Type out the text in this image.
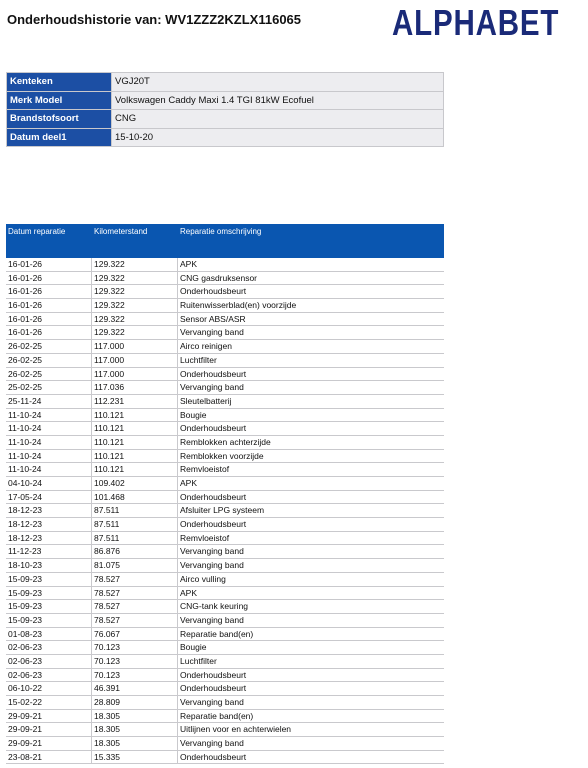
Onderhoudshistorie van: WV1ZZZ2KZLX116065	ALPHABET
Kenteken	VGJ20T
Merk Model	Volkswagen Caddy Maxi 1.4 TGI 81kW Ecofuel
Brandstofsoort	CNG
Datum deel1	15-10-20
Datum reparatie	Kilometerstand	Reparatie omschrijving
16-01-26	129.322	APK
16-01-26	129.322	CNG gasdruksensor
16-01-26	129.322	Onderhoudsbeurt
16-01-26	129.322	Ruitenwisserblad(en) voorzijde
16-01-26	129.322	Sensor ABS/ASR
16-01-26	129.322	Vervanging band
26-02-25	117.000	Airco reinigen
26-02-25	117.000	Luchtfilter
26-02-25	117.000	Onderhoudsbeurt
25-02-25	117.036	Vervanging band
25-11-24	112.231	Sleutelbatterij
11-10-24	110.121	Bougie
11-10-24	110.121	Onderhoudsbeurt
11-10-24	110.121	Remblokken achterzijde
11-10-24	110.121	Remblokken voorzijde
11-10-24	110.121	Remvloeistof
04-10-24	109.402	APK
17-05-24	101.468	Onderhoudsbeurt
18-12-23	87.511	Afsluiter LPG systeem
18-12-23	87.511	Onderhoudsbeurt
18-12-23	87.511	Remvloeistof
11-12-23	86.876	Vervanging band
18-10-23	81.075	Vervanging band
15-09-23	78.527	Airco vulling
15-09-23	78.527	APK
15-09-23	78.527	CNG-tank keuring
15-09-23	78.527	Vervanging band
01-08-23	76.067	Reparatie band(en)
02-06-23	70.123	Bougie
02-06-23	70.123	Luchtfilter
02-06-23	70.123	Onderhoudsbeurt
06-10-22	46.391	Onderhoudsbeurt
15-02-22	28.809	Vervanging band
29-09-21	18.305	Reparatie band(en)
29-09-21	18.305	Uitlijnen voor en achterwielen
29-09-21	18.305	Vervanging band
23-08-21	15.335	Onderhoudsbeurt
